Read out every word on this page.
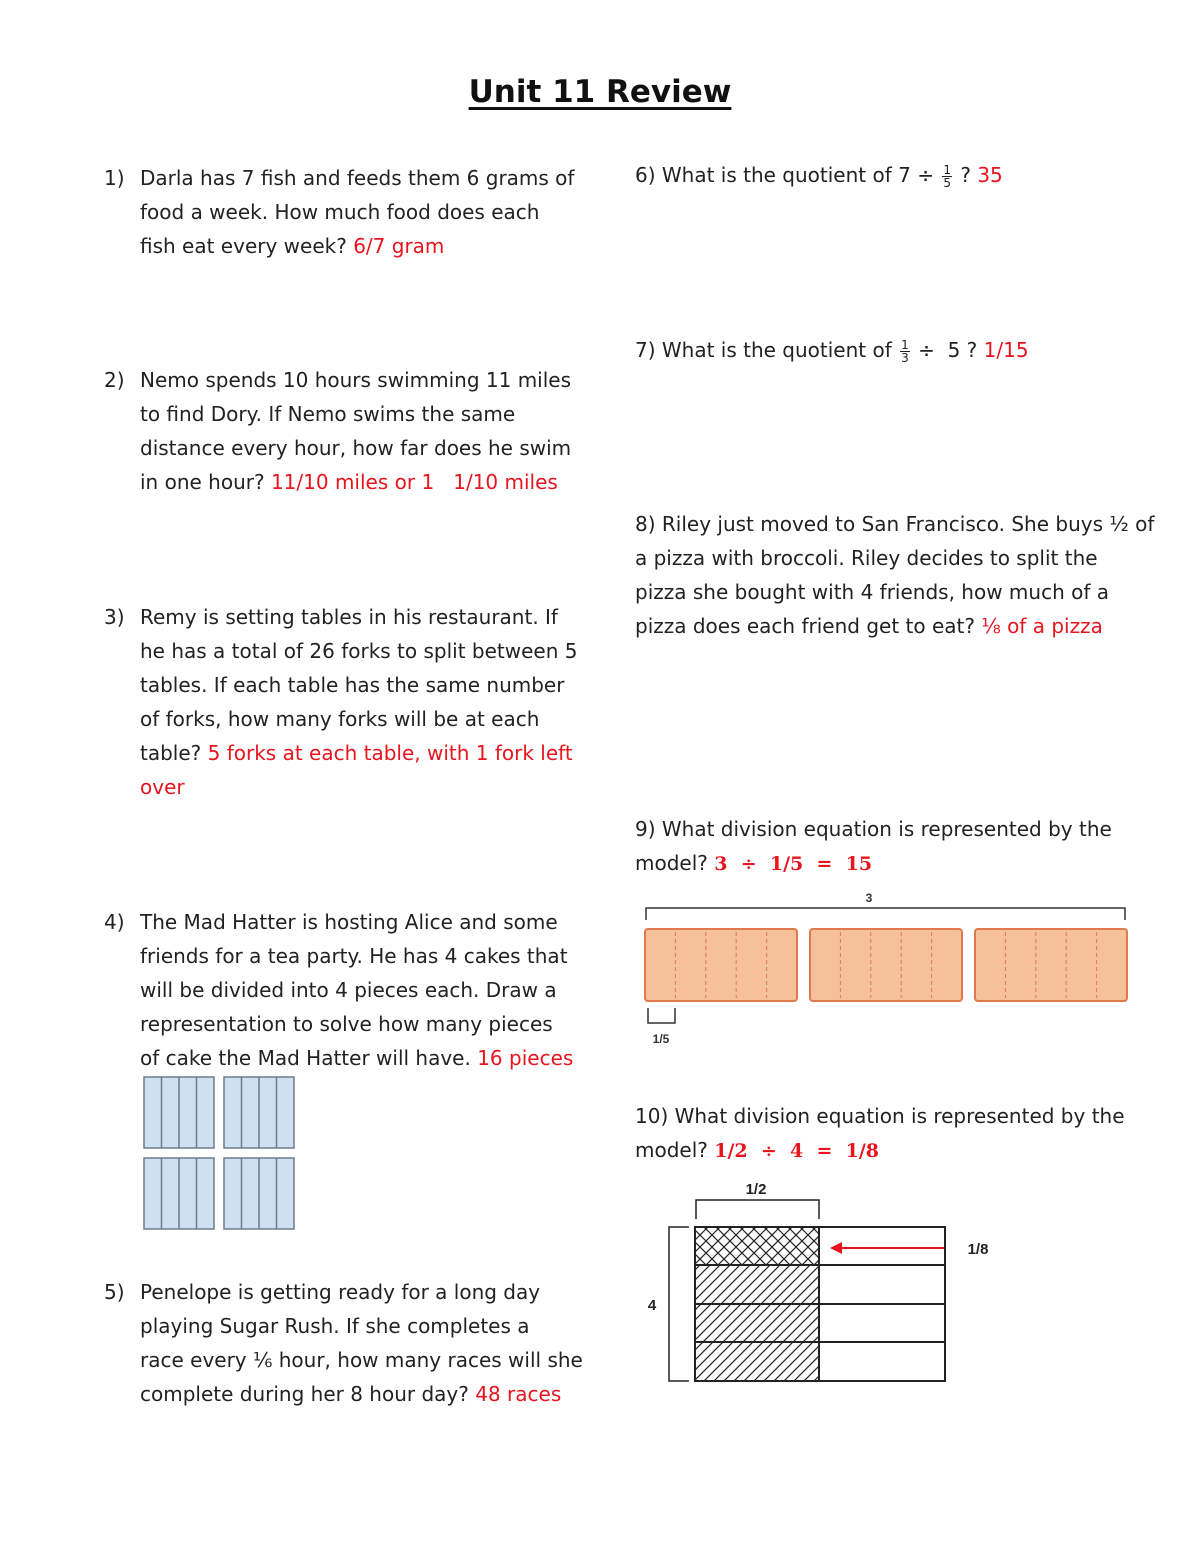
Unit 11 Review
1) Darla has 7 fish and feeds them 6 grams of
food a week. How much food does each
fish eat every week? 6/7 gram
2) Nemo spends 10 hours swimming 11 miles
to find Dory. If Nemo swims the same
distance every hour, how far does he swim
in one hour? 11/10 miles or 1   1/10 miles
3) Remy is setting tables in his restaurant. If
he has a total of 26 forks to split between 5
tables. If each table has the same number
of forks, how many forks will be at each
table? 5 forks at each table, with 1 fork left
over
4) The Mad Hatter is hosting Alice and some
friends for a tea party. He has 4 cakes that
will be divided into 4 pieces each. Draw a
representation to solve how many pieces
of cake the Mad Hatter will have. 16 pieces
5) Penelope is getting ready for a long day
playing Sugar Rush. If she completes a
race every ⅙ hour, how many races will she
complete during her 8 hour day? 48 races
6) What is the quotient of $7 \div \frac{1}{5}$ ? 35
7) What is the quotient of $\frac{1}{3} \div 5$ ? 1/15
8) Riley just moved to San Francisco. She buys ½ of
a pizza with broccoli. Riley decides to split the
pizza she bought with 4 friends, how much of a
pizza does each friend get to eat? ⅛ of a pizza
9) What division equation is represented by the
model? 3  ÷  1/5  =  15
3
1/5
10) What division equation is represented by the
model? 1/2  ÷  4  =  1/8
1/2
4
1/8
